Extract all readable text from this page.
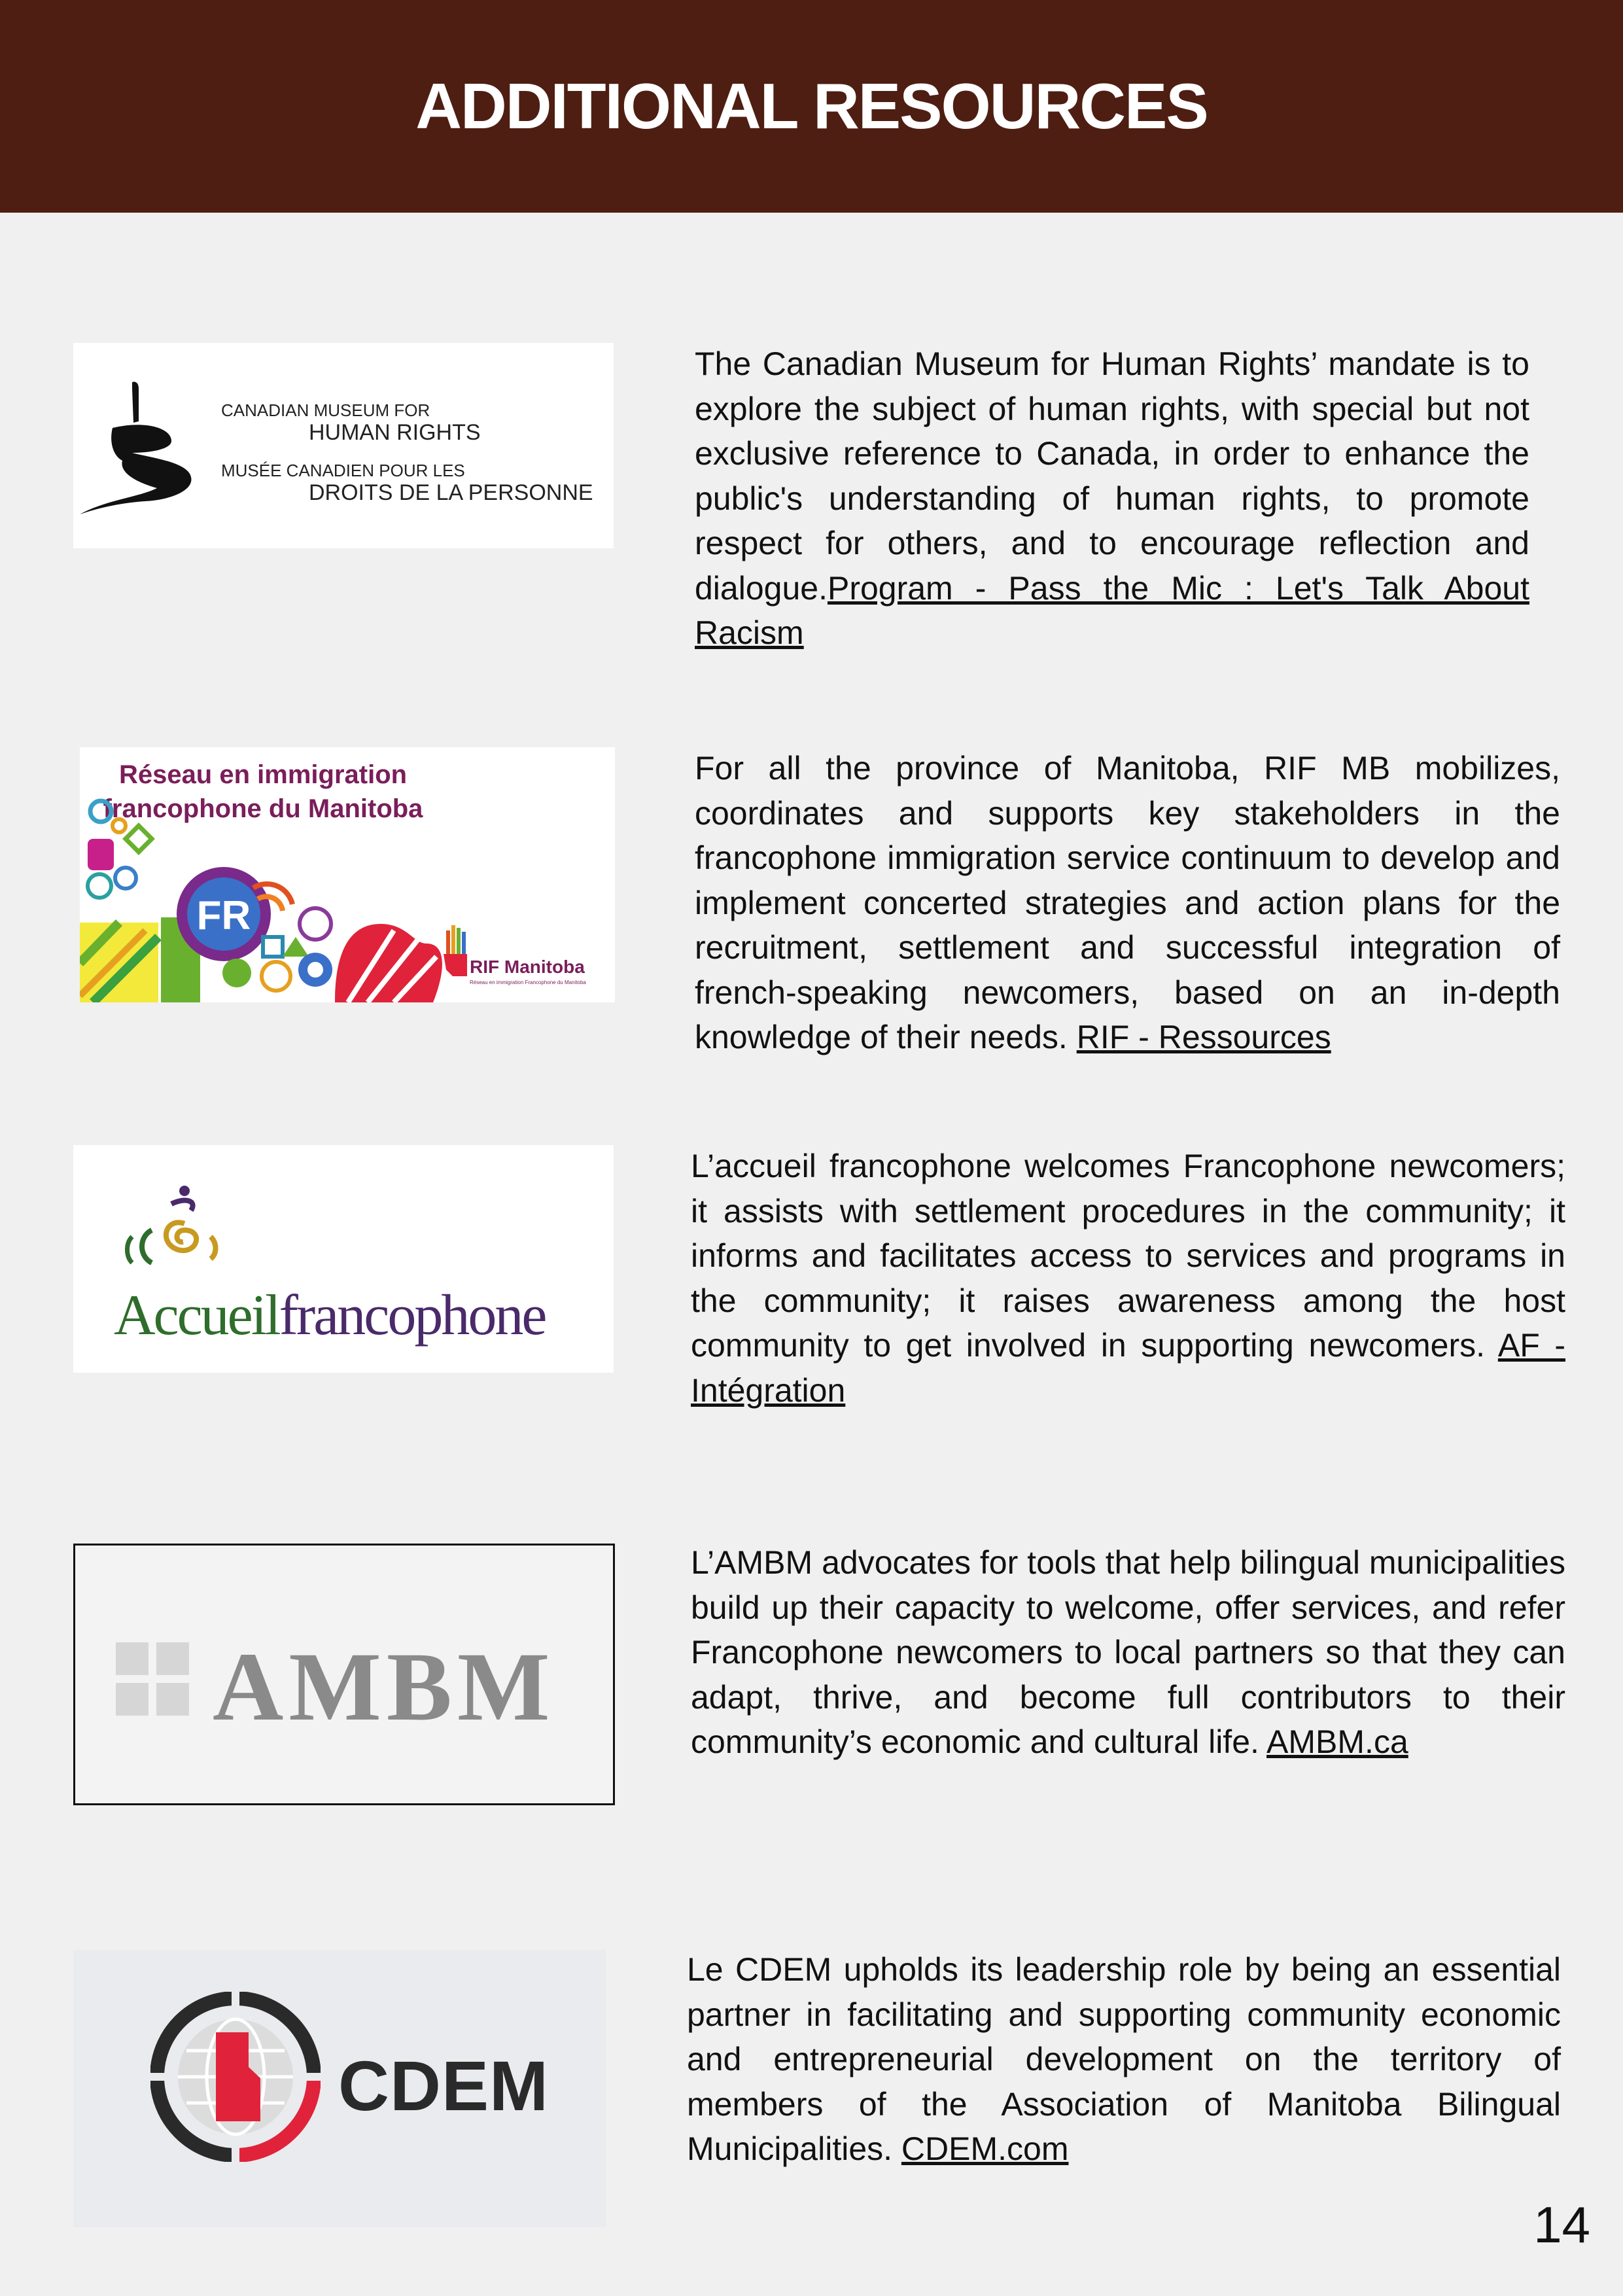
ADDITIONAL RESOURCES
CANADIAN MUSEUM FOR
HUMAN RIGHTS
MUSÉE CANADIEN POUR LES
DROITS DE LA PERSONNE
The Canadian Museum for Human Rights’ mandate is to explore the subject of human rights, with special but not exclusive reference to Canada, in order to enhance the public's understanding of human rights, to promote respect for others, and to encourage reflection and dialogue.Program - Pass the Mic : Let's Talk About Racism
Réseau en immigration
francophone du Manitoba
FR
RIF Manitoba
Réseau en immigration Francophone du Manitoba
For all the province of Manitoba, RIF MB mobilizes, coordinates and supports key stakeholders in the francophone immigration service continuum to develop and implement concerted strategies and action plans for the recruitment, settlement and successful integration of french-speaking newcomers, based on an in-depth knowledge of their needs. RIF - Ressources
Accueilfrancophone
L’accueil francophone welcomes Francophone newcomers; it assists with settlement procedures in the community; it informs and facilitates access to services and programs in the community; it raises awareness among the host community to get involved in supporting newcomers. AF - Intégration
AMBM
L’AMBM advocates for tools that help bilingual municipalities build up their capacity to welcome, offer services, and refer Francophone newcomers to local partners so that they can adapt, thrive, and become full contributors to their community’s economic and cultural life. AMBM.ca
CDEM
Le CDEM upholds its leadership role by being an essential partner in facilitating and supporting community economic and entrepreneurial development on the territory of members of the Association of Manitoba Bilingual Municipalities. CDEM.com
14
